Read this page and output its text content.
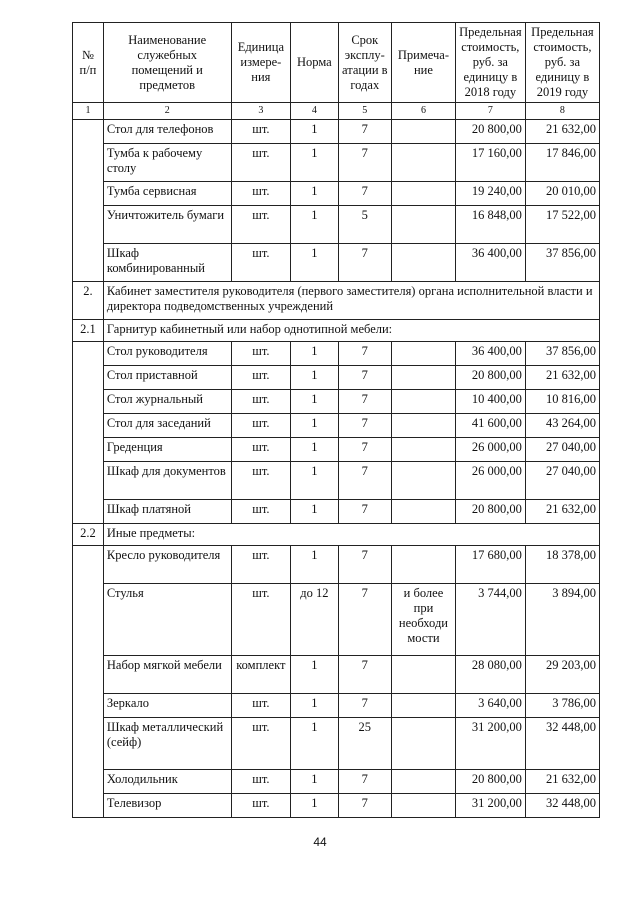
№ п/п	Наименование служебных помещений и предметов	Единица измере-ния	Норма	Срок эксплу-атации в годах	Примеча-ние	Предельная стоимость, руб. за единицу в 2018 году	Предельная стоимость, руб. за единицу в 2019 году
1	2	3	4	5	6	7	8
	Стол для телефонов	шт.	1	7		20 800,00	21 632,00
	Тумба к рабочему столу	шт.	1	7		17 160,00	17 846,00
	Тумба сервисная	шт.	1	7		19 240,00	20 010,00
	Уничтожитель бумаги	шт.	1	5		16 848,00	17 522,00
	Шкаф комбинированный	шт.	1	7		36 400,00	37 856,00
2.	Кабинет заместителя руководителя (первого заместителя) органа исполнительной власти и директора подведомственных учреждений						
2.1	Гарнитур кабинетный или набор однотипной мебели:						
	Стол руководителя	шт.	1	7		36 400,00	37 856,00
	Стол приставной	шт.	1	7		20 800,00	21 632,00
	Стол журнальный	шт.	1	7		10 400,00	10 816,00
	Стол для заседаний	шт.	1	7		41 600,00	43 264,00
	Греденция	шт.	1	7		26 000,00	27 040,00
	Шкаф для документов	шт.	1	7		26 000,00	27 040,00
	Шкаф платяной	шт.	1	7		20 800,00	21 632,00
2.2	Иные предметы:						
	Кресло руководителя	шт.	1	7		17 680,00	18 378,00
	Стулья	шт.	до 12	7	и более при необходи мости	3 744,00	3 894,00
	Набор мягкой мебели	комплект	1	7		28 080,00	29 203,00
	Зеркало	шт.	1	7		3 640,00	3 786,00
	Шкаф металлический (сейф)	шт.	1	25		31 200,00	32 448,00
	Холодильник	шт.	1	7		20 800,00	21 632,00
	Телевизор	шт.	1	7		31 200,00	32 448,00
44
